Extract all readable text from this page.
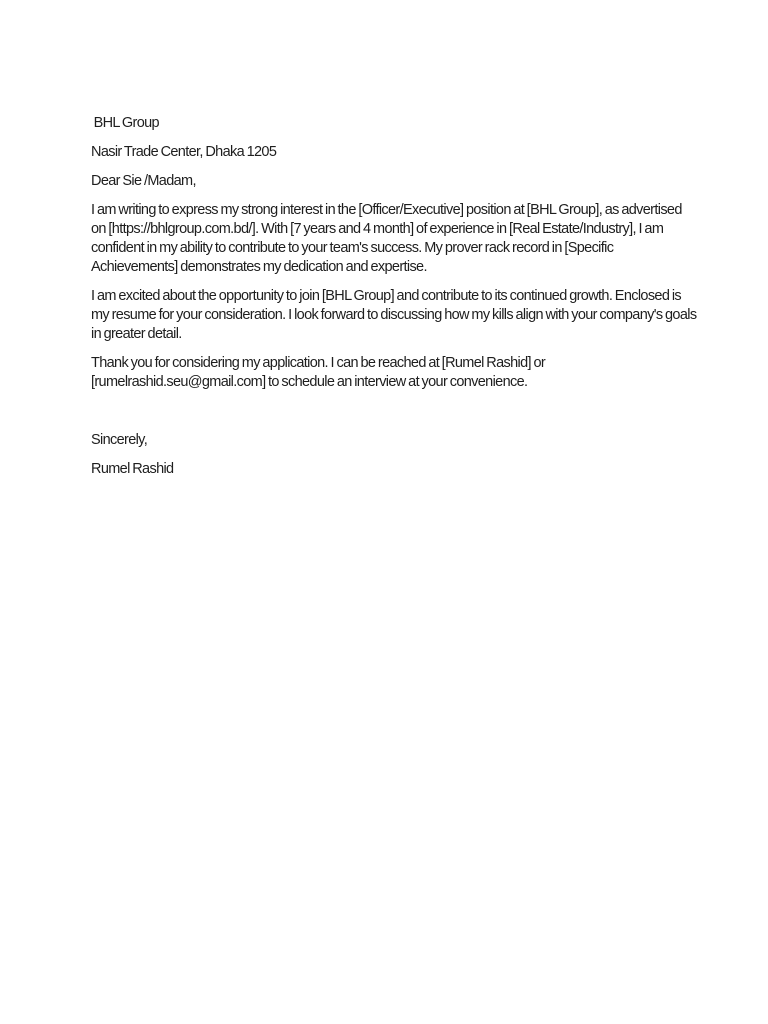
BHL Group

Nasir Trade Center, Dhaka 1205

Dear Sie /Madam,

I am writing to express my strong interest in the [Officer/Executive] position at [BHL Group], as advertised on [https://bhlgroup.com.bd/]. With [7 years and 4 month] of experience in [Real Estate/Industry], I am confident in my ability to contribute to your team's success. My prover rack record in [Specific Achievements] demonstrates my dedication and expertise.

I am excited about the opportunity to join [BHL Group] and contribute to its continued growth. Enclosed is my resume for your consideration. I look forward to discussing how my kills align with your company's goals in greater detail.

Thank you for considering my application. I can be reached at [Rumel Rashid] or [rumelrashid.seu@gmail.com] to schedule an interview at your convenience.

Sincerely,

Rumel Rashid
